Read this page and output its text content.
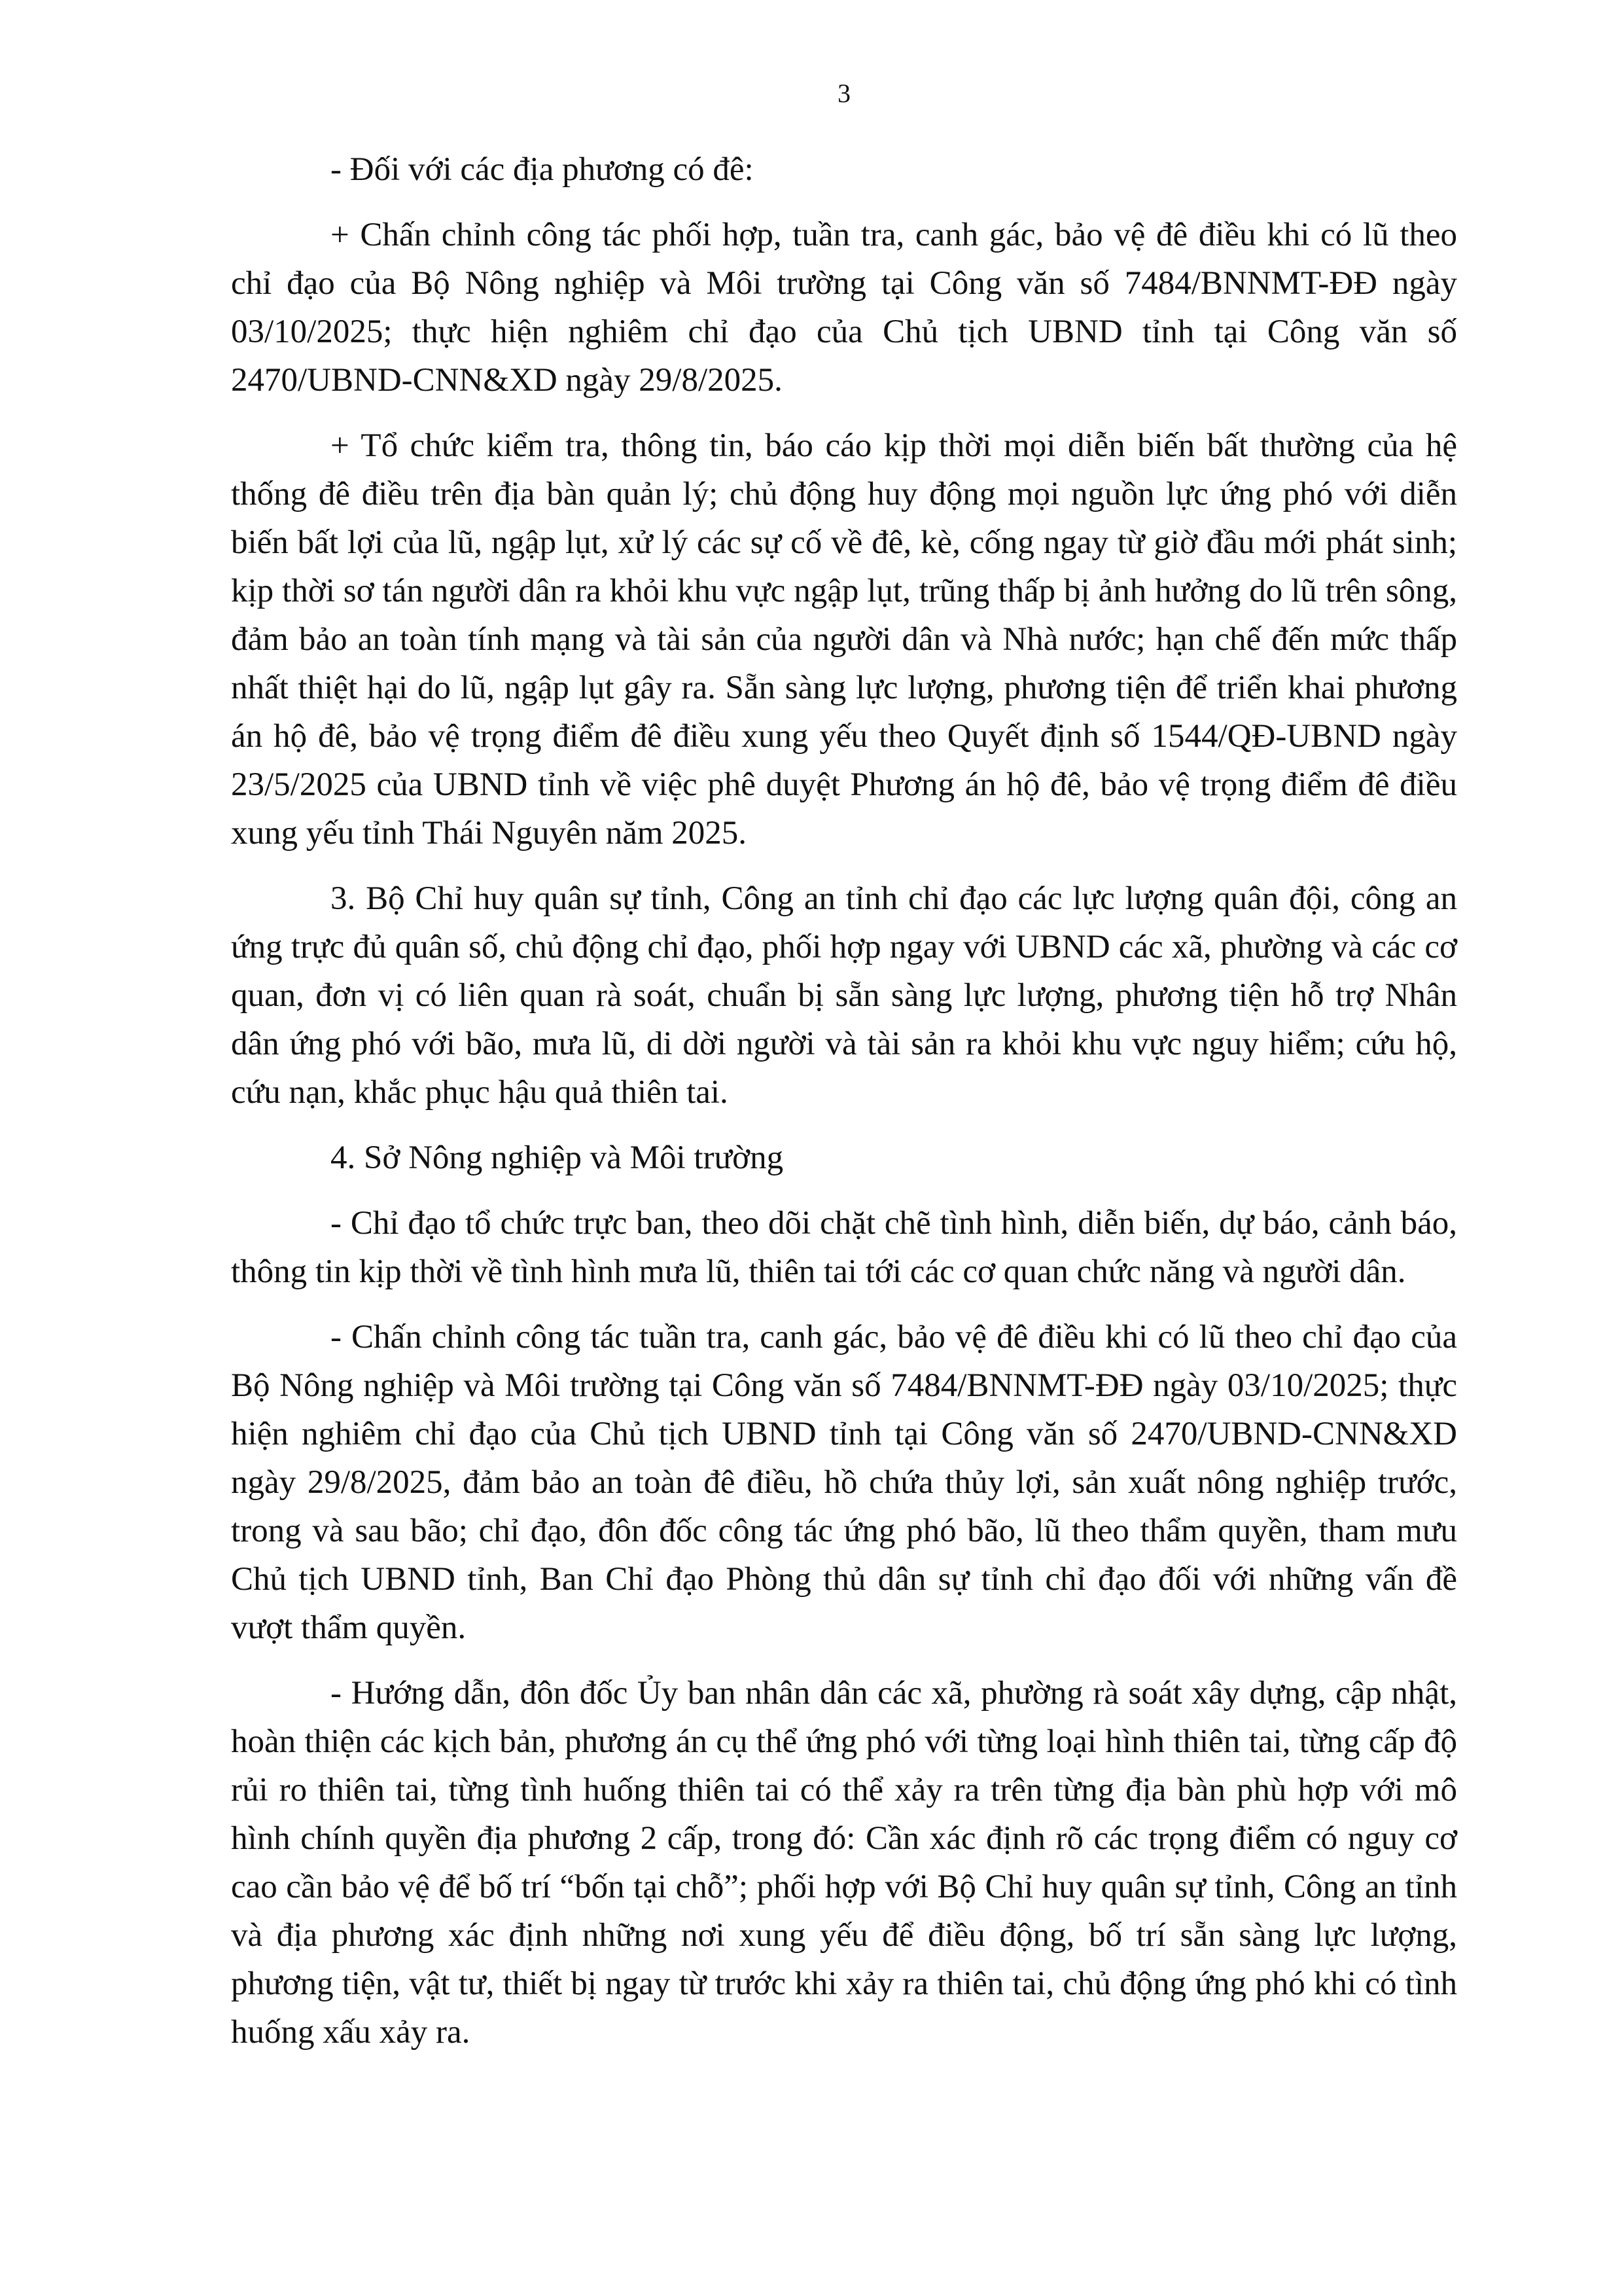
3

- Đối với các địa phương có đê:

+ Chấn chỉnh công tác phối hợp, tuần tra, canh gác, bảo vệ đê điều khi có lũ theo chỉ đạo của Bộ Nông nghiệp và Môi trường tại Công văn số 7484/BNNMT-ĐĐ ngày 03/10/2025; thực hiện nghiêm chỉ đạo của Chủ tịch UBND tỉnh tại Công văn số 2470/UBND-CNN&XD ngày 29/8/2025.

+ Tổ chức kiểm tra, thông tin, báo cáo kịp thời mọi diễn biến bất thường của hệ thống đê điều trên địa bàn quản lý; chủ động huy động mọi nguồn lực ứng phó với diễn biến bất lợi của lũ, ngập lụt, xử lý các sự cố về đê, kè, cống ngay từ giờ đầu mới phát sinh; kịp thời sơ tán người dân ra khỏi khu vực ngập lụt, trũng thấp bị ảnh hưởng do lũ trên sông, đảm bảo an toàn tính mạng và tài sản của người dân và Nhà nước; hạn chế đến mức thấp nhất thiệt hại do lũ, ngập lụt gây ra. Sẵn sàng lực lượng, phương tiện để triển khai phương án hộ đê, bảo vệ trọng điểm đê điều xung yếu theo Quyết định số 1544/QĐ-UBND ngày 23/5/2025 của UBND tỉnh về việc phê duyệt Phương án hộ đê, bảo vệ trọng điểm đê điều xung yếu tỉnh Thái Nguyên năm 2025.

3. Bộ Chỉ huy quân sự tỉnh, Công an tỉnh chỉ đạo các lực lượng quân đội, công an ứng trực đủ quân số, chủ động chỉ đạo, phối hợp ngay với UBND các xã, phường và các cơ quan, đơn vị có liên quan rà soát, chuẩn bị sẵn sàng lực lượng, phương tiện hỗ trợ Nhân dân ứng phó với bão, mưa lũ, di dời người và tài sản ra khỏi khu vực nguy hiểm; cứu hộ, cứu nạn, khắc phục hậu quả thiên tai.

4. Sở Nông nghiệp và Môi trường

- Chỉ đạo tổ chức trực ban, theo dõi chặt chẽ tình hình, diễn biến, dự báo, cảnh báo, thông tin kịp thời về tình hình mưa lũ, thiên tai tới các cơ quan chức năng và người dân.

- Chấn chỉnh công tác tuần tra, canh gác, bảo vệ đê điều khi có lũ theo chỉ đạo của Bộ Nông nghiệp và Môi trường tại Công văn số 7484/BNNMT-ĐĐ ngày 03/10/2025; thực hiện nghiêm chỉ đạo của Chủ tịch UBND tỉnh tại Công văn số 2470/UBND-CNN&XD ngày 29/8/2025, đảm bảo an toàn đê điều, hồ chứa thủy lợi, sản xuất nông nghiệp trước, trong và sau bão; chỉ đạo, đôn đốc công tác ứng phó bão, lũ theo thẩm quyền, tham mưu Chủ tịch UBND tỉnh, Ban Chỉ đạo Phòng thủ dân sự tỉnh chỉ đạo đối với những vấn đề vượt thẩm quyền.

- Hướng dẫn, đôn đốc Ủy ban nhân dân các xã, phường rà soát xây dựng, cập nhật, hoàn thiện các kịch bản, phương án cụ thể ứng phó với từng loại hình thiên tai, từng cấp độ rủi ro thiên tai, từng tình huống thiên tai có thể xảy ra trên từng địa bàn phù hợp với mô hình chính quyền địa phương 2 cấp, trong đó: Cần xác định rõ các trọng điểm có nguy cơ cao cần bảo vệ để bố trí “bốn tại chỗ”; phối hợp với Bộ Chỉ huy quân sự tỉnh, Công an tỉnh và địa phương xác định những nơi xung yếu để điều động, bố trí sẵn sàng lực lượng, phương tiện, vật tư, thiết bị ngay từ trước khi xảy ra thiên tai, chủ động ứng phó khi có tình huống xấu xảy ra.
